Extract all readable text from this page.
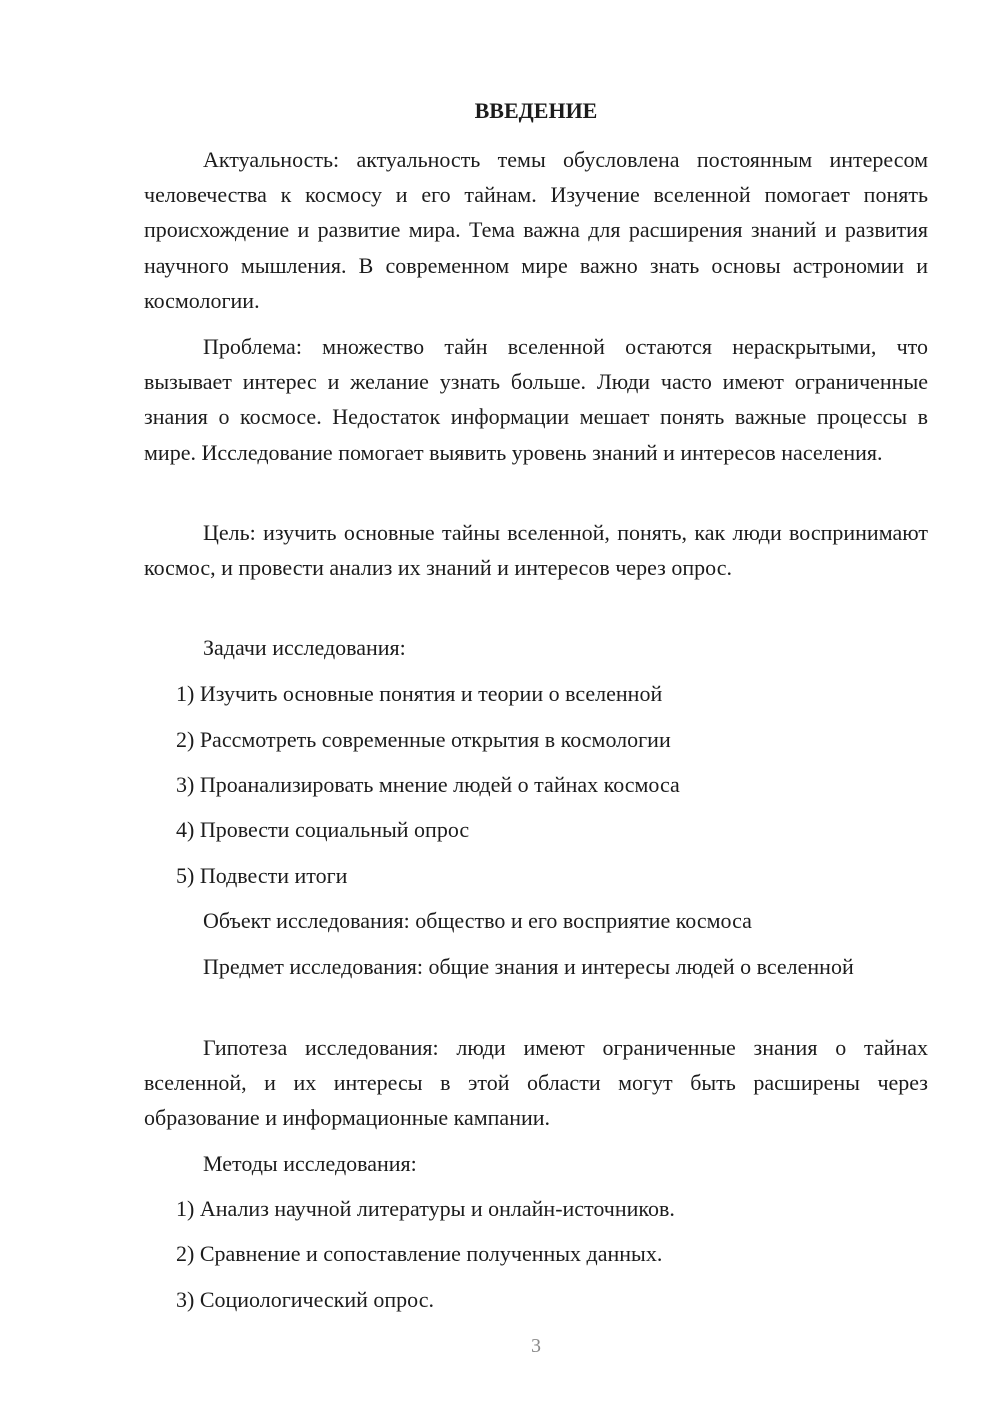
ВВЕДЕНИЕ

Актуальность: актуальность темы обусловлена постоянным интересом человечества к космосу и его тайнам. Изучение вселенной помогает понять происхождение и развитие мира. Тема важна для расширения знаний и развития научного мышления. В современном мире важно знать основы астрономии и космологии.

Проблема: множество тайн вселенной остаются нераскрытыми, что вызывает интерес и желание узнать больше. Люди часто имеют ограниченные знания о космосе. Недостаток информации мешает понять важные процессы в мире. Исследование помогает выявить уровень знаний и интересов населения.

Цель: изучить основные тайны вселенной, понять, как люди воспринимают космос, и провести анализ их знаний и интересов через опрос.

Задачи исследования:

1) Изучить основные понятия и теории о вселенной

2) Рассмотреть современные открытия в космологии

3) Проанализировать мнение людей о тайнах космоса

4) Провести социальный опрос

5) Подвести итоги

Объект исследования: общество и его восприятие космоса

Предмет исследования: общие знания и интересы людей о вселенной

Гипотеза исследования: люди имеют ограниченные знания о тайнах вселенной, и их интересы в этой области могут быть расширены через образование и информационные кампании.

Методы исследования:

1) Анализ научной литературы и онлайн-источников.

2) Сравнение и сопоставление полученных данных.

3) Социологический опрос.

3
